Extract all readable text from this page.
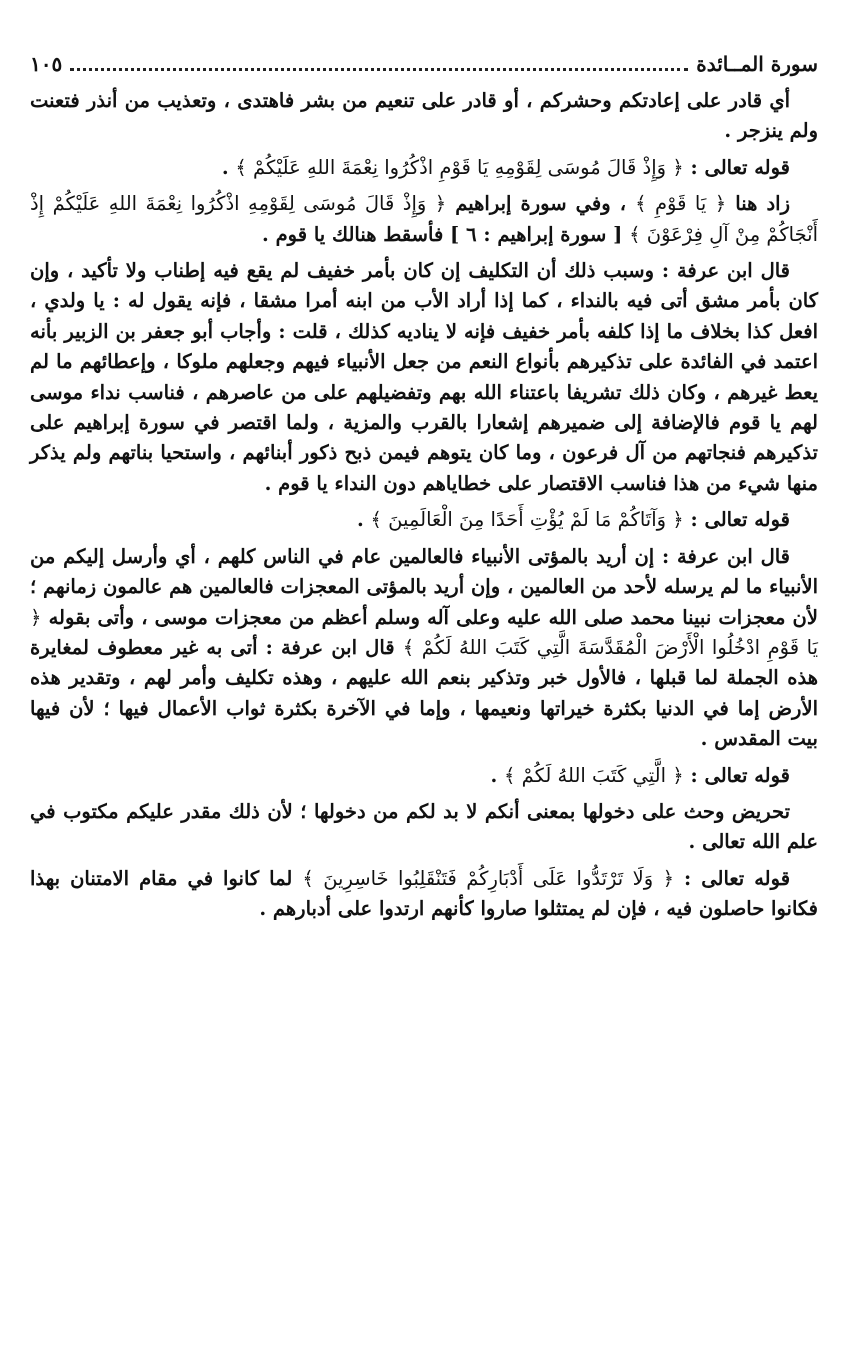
سورة المــائدة
١٠٥

أي قادر على إعادتكم وحشركم ، أو قادر على تنعيم من بشر فاهتدى ، وتعذيب من أنذر فتعنت ولم ينزجر .

قوله تعالى : ﴿ وَإِذْ قَالَ مُوسَى لِقَوْمِهِ يَا قَوْمِ اذْكُرُوا نِعْمَةَ اللهِ عَلَيْكُمْ ﴾ .

زاد هنا ﴿ يَا قَوْمِ ﴾ ، وفي سورة إبراهيم ﴿ وَإِذْ قَالَ مُوسَى لِقَوْمِهِ اذْكُرُوا نِعْمَةَ اللهِ عَلَيْكُمْ إِذْ أَنْجَاكُمْ مِنْ آلِ فِرْعَوْنَ ﴾ [ سورة إبراهيم : ٦ ] فأسقط هنالك يا قوم .

قال ابن عرفة : وسبب ذلك أن التكليف إن كان بأمر خفيف لم يقع فيه إطناب ولا تأكيد ، وإن كان بأمر مشق أتى فيه بالنداء ، كما إذا أراد الأب من ابنه أمرا مشقا ، فإنه يقول له : يا ولدي ، افعل كذا بخلاف ما إذا كلفه بأمر خفيف فإنه لا يناديه كذلك ، قلت : وأجاب أبو جعفر بن الزبير بأنه اعتمد في الفائدة على تذكيرهم بأنواع النعم من جعل الأنبياء فيهم وجعلهم ملوكا ، وإعطائهم ما لم يعط غيرهم ، وكان ذلك تشريفا باعتناء الله بهم وتفضيلهم على من عاصرهم ، فناسب نداء موسى لهم يا قوم فالإضافة إلى ضميرهم إشعارا بالقرب والمزية ، ولما اقتصر في سورة إبراهيم على تذكيرهم فنجاتهم من آل فرعون ، وما كان يتوهم فيمن ذبح ذكور أبنائهم ، واستحيا بناتهم ولم يذكر منها شيء من هذا فناسب الاقتصار على خطاياهم دون النداء يا قوم .

قوله تعالى : ﴿ وَآتَاكُمْ مَا لَمْ يُؤْتِ أَحَدًا مِنَ الْعَالَمِينَ ﴾ .

قال ابن عرفة : إن أريد بالمؤتى الأنبياء فالعالمين عام في الناس كلهم ، أي وأرسل إليكم من الأنبياء ما لم يرسله لأحد من العالمين ، وإن أريد بالمؤتى المعجزات فالعالمين هم عالمون زمانهم ؛ لأن معجزات نبينا محمد صلى الله عليه وعلى آله وسلم أعظم من معجزات موسى ، وأتى بقوله ﴿ يَا قَوْمِ ادْخُلُوا الْأَرْضَ الْمُقَدَّسَةَ الَّتِي كَتَبَ اللهُ لَكُمْ ﴾ قال ابن عرفة : أتى به غير معطوف لمغايرة هذه الجملة لما قبلها ، فالأول خبر وتذكير بنعم الله عليهم ، وهذه تكليف وأمر لهم ، وتقدير هذه الأرض إما في الدنيا بكثرة خيراتها ونعيمها ، وإما في الآخرة بكثرة ثواب الأعمال فيها ؛ لأن فيها بيت المقدس .

قوله تعالى : ﴿ الَّتِي كَتَبَ اللهُ لَكُمْ ﴾ .

تحريض وحث على دخولها بمعنى أنكم لا بد لكم من دخولها ؛ لأن ذلك مقدر عليكم مكتوب في علم الله تعالى .

قوله تعالى : ﴿ وَلَا تَرْتَدُّوا عَلَى أَدْبَارِكُمْ فَتَنْقَلِبُوا خَاسِرِينَ ﴾ لما كانوا في مقام الامتنان بهذا فكانوا حاصلون فيه ، فإن لم يمتثلوا صاروا كأنهم ارتدوا على أدبارهم .
